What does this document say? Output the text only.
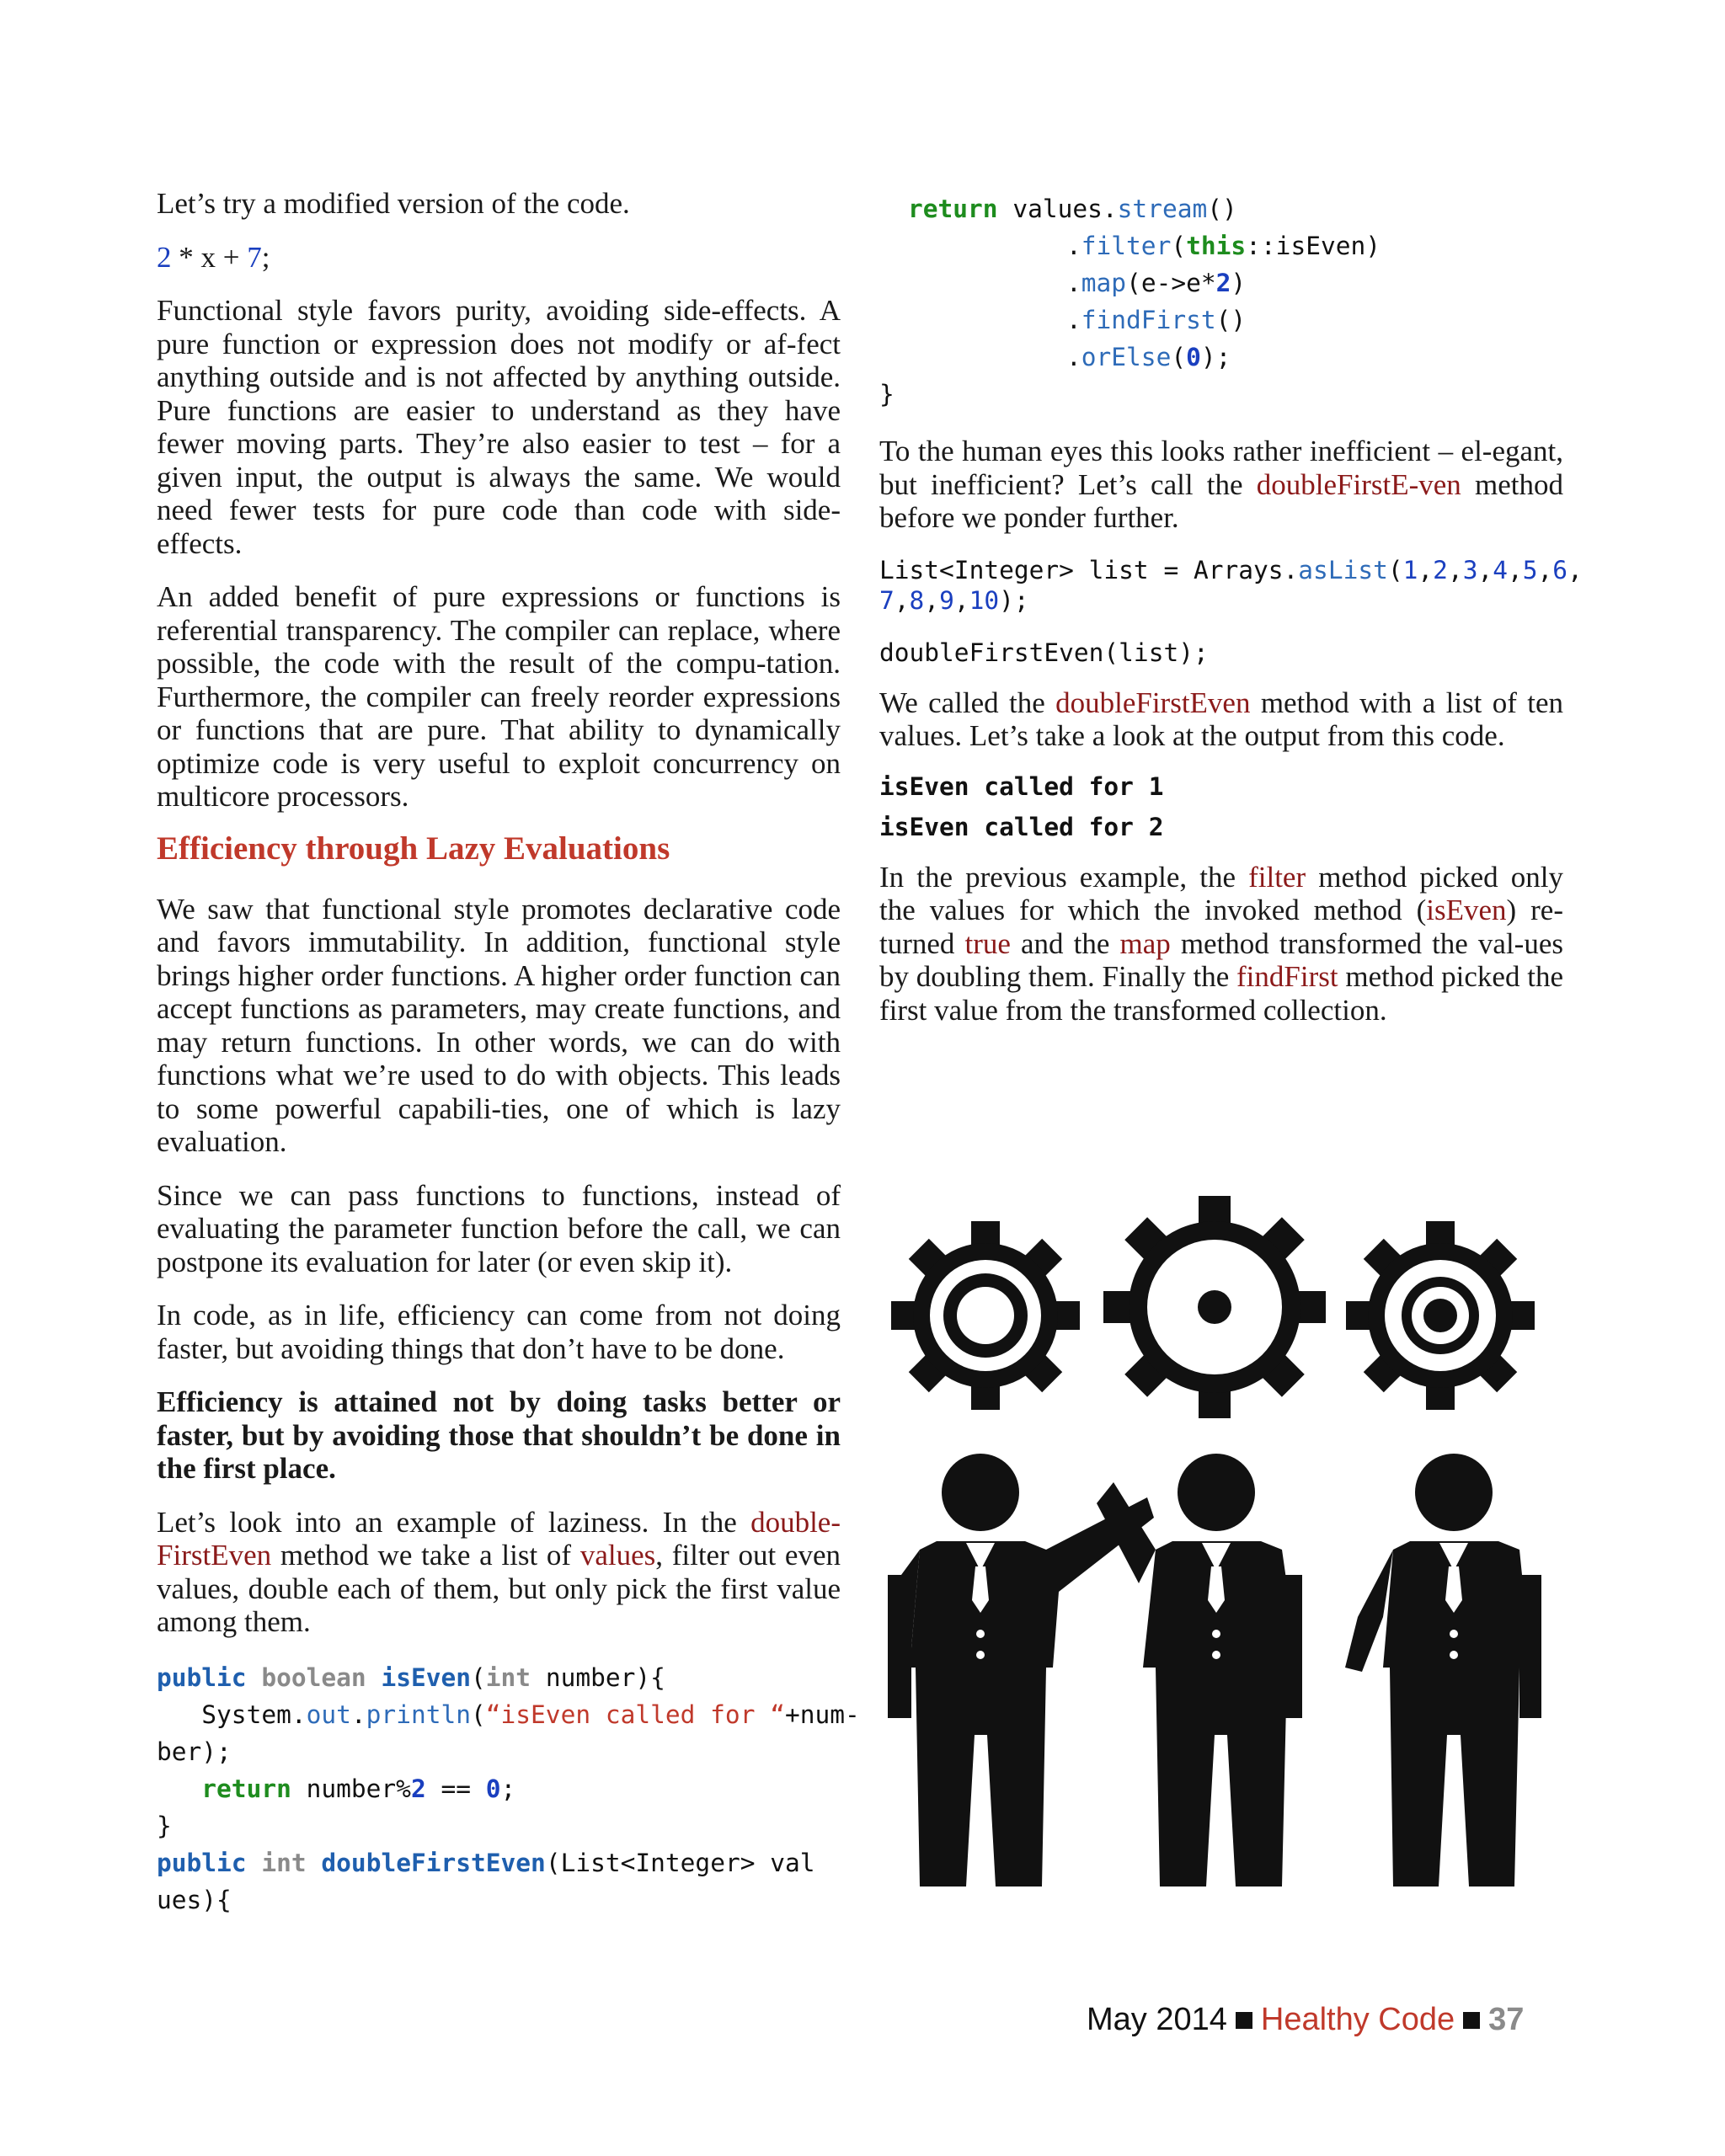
Let’s try a modified version of the code.

2 * x + 7;

Functional style favors purity, avoiding side-effects. A pure function or expression does not modify or af-fect anything outside and is not affected by anything outside. Pure functions are easier to understand as they have fewer moving parts. They’re also easier to test – for a given input, the output is always the same. We would need fewer tests for pure code than code with side-effects.

An added benefit of pure expressions or functions is referential transparency. The compiler can replace, where possible, the code with the result of the compu-tation. Furthermore, the compiler can freely reorder expressions or functions that are pure. That ability to dynamically optimize code is very useful to exploit concurrency on multicore processors.

Efficiency through Lazy Evaluations

We saw that functional style promotes declarative code and favors immutability. In addition, functional style brings higher order functions. A higher order function can accept functions as parameters, may create functions, and may return functions. In other words, we can do with functions what we’re used to do with objects. This leads to some powerful capabili-ties, one of which is lazy evaluation.

Since we can pass functions to functions, instead of evaluating the parameter function before the call, we can postpone its evaluation for later (or even skip it).

In code, as in life, efficiency can come from not doing faster, but avoiding things that don’t have to be done.

Efficiency is attained not by doing tasks better or faster, but by avoiding those that shouldn’t be done in the first place.

Let’s look into an example of laziness. In the double-FirstEven method we take a list of values, filter out even values, double each of them, but only pick the first value among them.

public boolean isEven(int number){
System.out.println(“isEven called for “+num-
ber);
return number%2 == 0;
}
public int doubleFirstEven(List<Integer> val
ues){
return values.stream()
.filter(this::isEven)
.map(e->e*2)
.findFirst()
.orElse(0);
}

To the human eyes this looks rather inefficient – el-egant, but inefficient? Let’s call the doubleFirstE-ven method before we ponder further.

List<Integer> list = Arrays.asList(1,2,3,4,5,6,
7,8,9,10);
doubleFirstEven(list);

We called the doubleFirstEven method with a list of ten values. Let’s take a look at the output from this code.

isEven called for 1
isEven called for 2

In the previous example, the filter method picked only the values for which the invoked method (isEven) re-turned true and the map method transformed the val-ues by doubling them. Finally the findFirst method picked the first value from the transformed collection.

May 2014 Healthy Code 37
